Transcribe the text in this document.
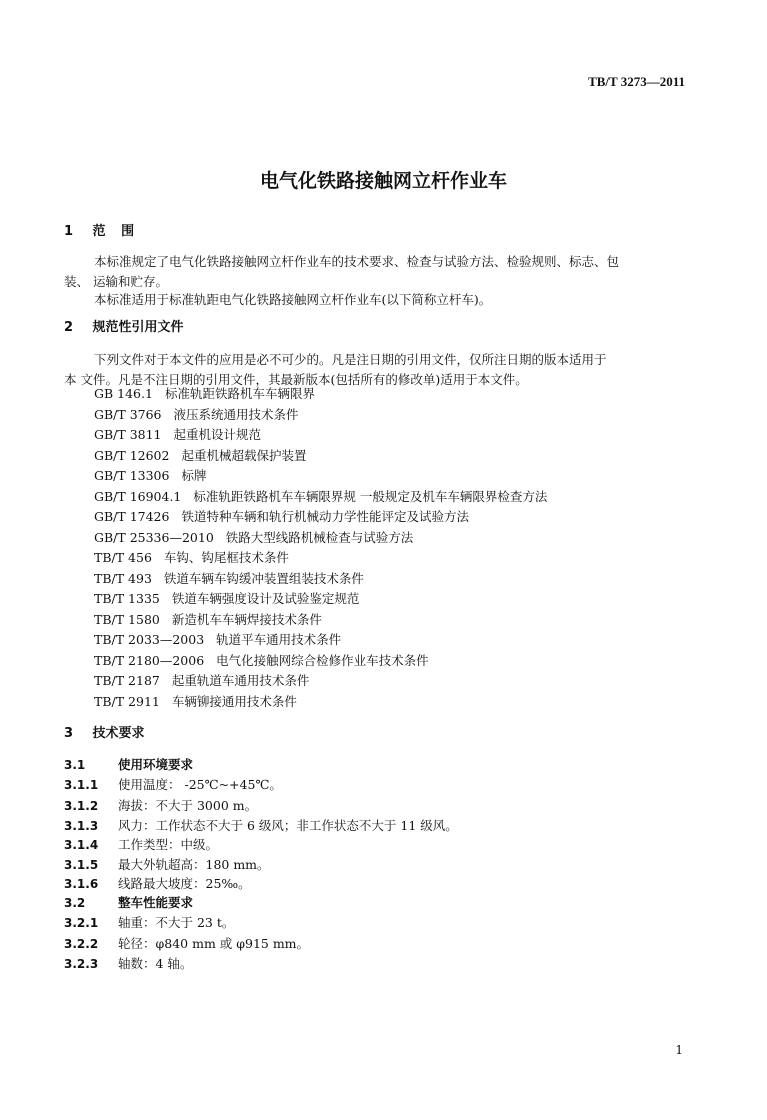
TB/T 3273—2011
电气化铁路接触网立杆作业车
1 范围
本标准规定了电气化铁路接触网立杆作业车的技术要求、检查与试验方法、检验规则、标志、包
装、 运输和贮存。
本标准适用于标准轨距电气化铁路接触网立杆作业车(以下简称立杆车)。
2 规范性引用文件
下列文件对于本文件的应用是必不可少的。凡是注日期的引用文件，仅所注日期的版本适用于
本 文件。凡是不注日期的引用文件，其最新版本(包括所有的修改单)适用于本文件。
GB 146.1 标准轨距铁路机车车辆限界
GB/T 3766 液压系统通用技术条件
GB/T 3811 起重机设计规范
GB/T 12602 起重机械超载保护装置
GB/T 13306 标牌
GB/T 16904.1 标准轨距铁路机车车辆限界规 一般规定及机车车辆限界检查方法
GB/T 17426 铁道特种车辆和轨行机械动力学性能评定及试验方法
GB/T 25336—2010 铁路大型线路机械检查与试验方法
TB/T 456 车钩、钩尾框技术条件
TB/T 493 铁道车辆车钩缓冲装置组装技术条件
TB/T 1335 铁道车辆强度设计及试验鉴定规范
TB/T 1580 新造机车车辆焊接技术条件
TB/T 2033—2003 轨道平车通用技术条件
TB/T 2180—2006 电气化接触网综合检修作业车技术条件
TB/T 2187 起重轨道车通用技术条件
TB/T 2911 车辆铆接通用技术条件
3 技术要求
3.1	使用环境要求
3.1.1 使用温度： -25℃~+45℃。
3.1.2 海拔：不大于 3000 m。
3.1.3 风力：工作状态不大于 6 级风；非工作状态不大于 11 级风。
3.1.4 工作类型：中级。
3.1.5 最大外轨超高：180 mm。
3.1.6 线路最大坡度：25‰。
3.2	整车性能要求
3.2.1 轴重：不大于 23 t。
3.2.2 轮径：φ840 mm 或 φ915 mm。
3.2.3 轴数：4 轴。
1
